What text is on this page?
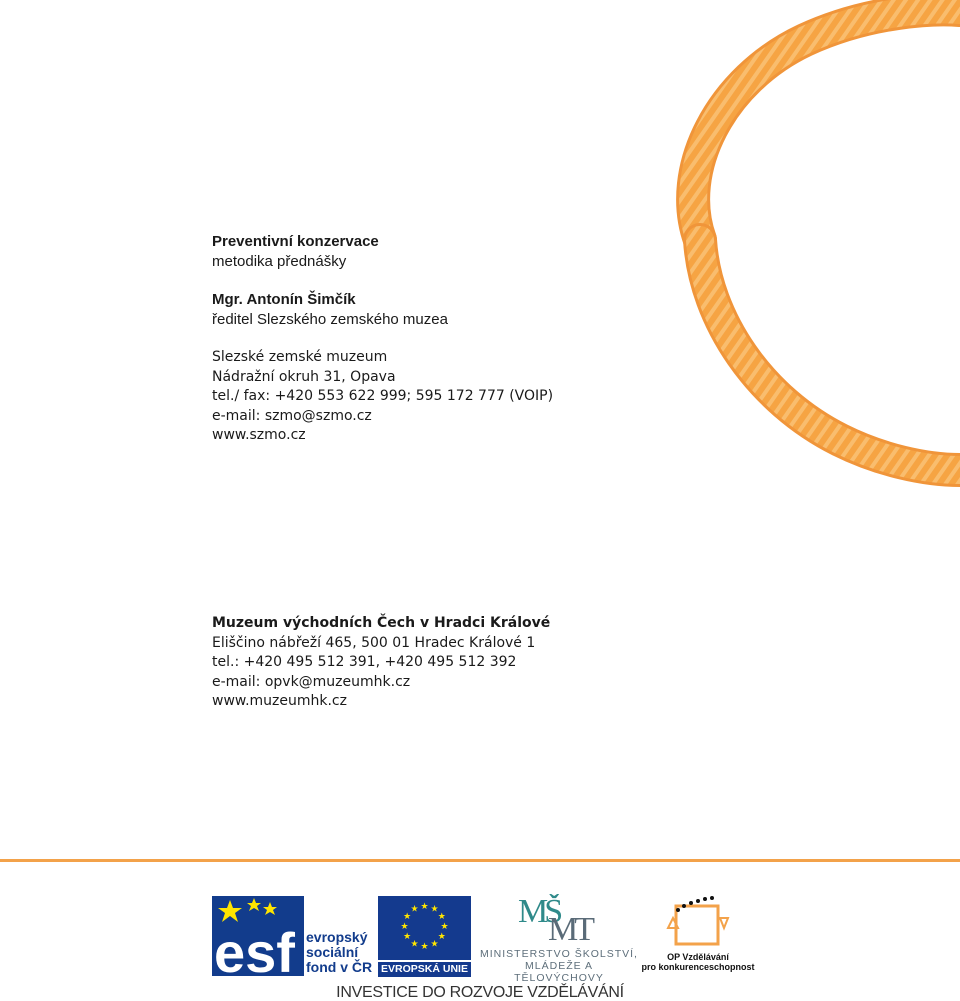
Preventivní konzervace
metodika přednášky
Mgr. Antonín Šimčík
ředitel Slezského zemského muzea
Slezské zemské muzeum
Nádražní okruh 31, Opava
tel./ fax: +420 553 622 999; 595 172 777 (VOIP)
e-mail: szmo@szmo.cz
www.szmo.cz
Muzeum východních Čech v Hradci Králové
Eliščino nábřeží 465, 500 01 Hradec Králové 1
tel.: +420 495 512 391, +420 495 512 392
e-mail: opvk@muzeumhk.cz
www.muzeumhk.cz
esf evropský
sociální
fond v ČR
★ ★
★
★
★
★
★
★
★
★
★
★
EVROPSKÁ UNIE
MŠ
MT
MINISTERSTVO ŠKOLSTVÍ,
MLÁDEŽE A TĚLOVÝCHOVY
OP Vzdělávání
pro konkurenceschopnost
INVESTICE DO ROZVOJE VZDĚLÁVÁNÍ
